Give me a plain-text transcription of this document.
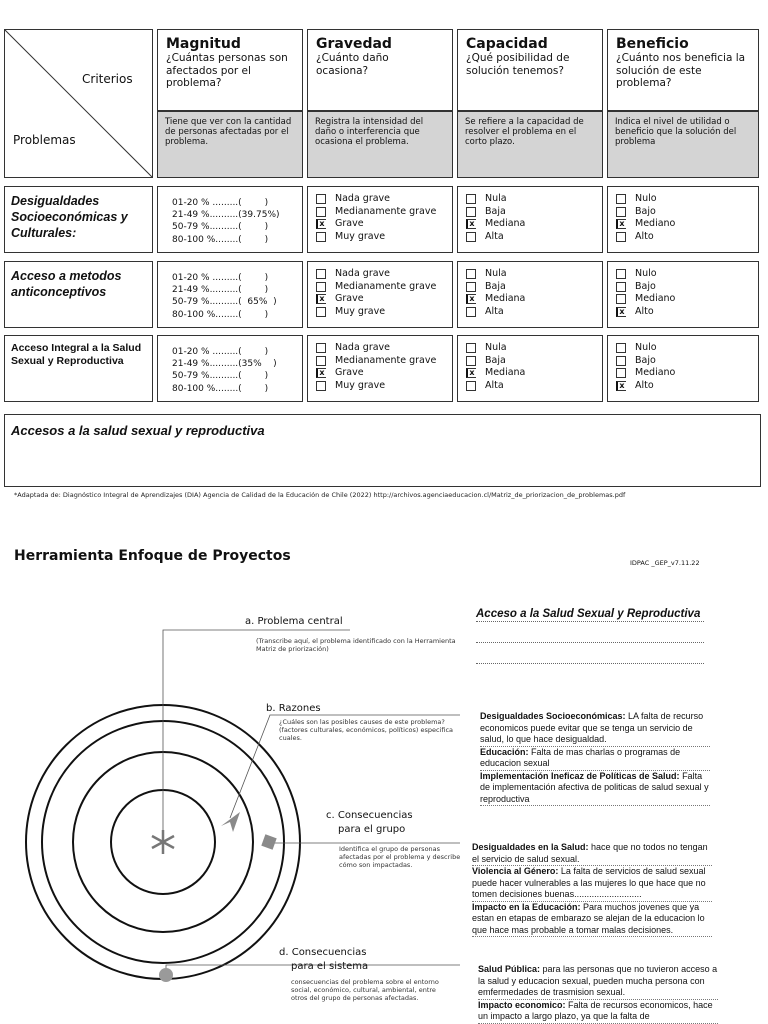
Criterios
Problemas
Magnitud
¿Cuántas personas son afectados por el problema?
Tiene que ver con la cantidad de personas afectadas por el problema.
Gravedad
¿Cuánto daño ocasiona?
Registra la intensidad del daño o interferencia que ocasiona el problema.
Capacidad
¿Qué posibilidad de solución tenemos?
Se refiere a la capacidad de resolver el problema en el corto plazo.
Beneficio
¿Cuánto nos beneficia la solución de este problema?
Indica el nivel de utilidad o beneficio que la solución del problema
Desigualdades Socioeconómicas y Culturales:
01-20 % .........(        )
21-49 %..........(39.75%)
50-79 %..........(        )
80-100 %........(        )
Nada grave
Medianamente grave
x Grave
Muy grave
Nula
Baja
x Mediana
Alta
Nulo
Bajo
x Mediano
Alto
Acceso a metodos anticonceptivos
01-20 % .........(        )
21-49 %..........(        )
50-79 %..........(  65%  )
80-100 %........(        )
Nada grave
Medianamente grave
x Grave
Muy grave
Nula
Baja
x Mediana
Alta
Nulo
Bajo
Mediano
x Alto
Acceso Integral a la Salud Sexual y Reproductiva
01-20 % .........(        )
21-49 %..........(35%    )
50-79 %..........(        )
80-100 %........(        )
Nada grave
Medianamente grave
x Grave
Muy grave
Nula
Baja
x Mediana
Alta
Nulo
Bajo
Mediano
x Alto
Accesos a la salud sexual y reproductiva
*Adaptada de: Diagnóstico Integral de Aprendizajes (DIA) Agencia de Calidad de la Educación de Chile (2022) http://archivos.agenciaeducacion.cl/Matriz_de_priorizacion_de_problemas.pdf
Herramienta Enfoque de Proyectos	IDPAC _GEP_v7.11.22
a. Problema central
(Transcribe aquí, el problema identificado con la Herramienta Matriz de priorización)
b. Razones
¿Cuáles son las posibles causes de este problema? (factores culturales, económicos, políticos) especifica cuales.
c. Consecuencias
para el grupo
Identifica el grupo de personas afectadas por el problema y describe cómo son impactadas.
d. Consecuencias
para el sistema
consecuencias del problema sobre el entorno social, económico, cultural, ambiental, entre otros del grupo de personas afectadas.
Acceso a la Salud Sexual y Reproductiva
Desigualdades Socioeconómicas: LA falta de recurso economicos puede evitar que se tenga un servicio de salud, lo que hace desigualdad.
Educación: Falta de mas charlas o programas de educacion sexual
Implementación Ineficaz de Políticas de Salud: Falta de implementación afectiva de politicas de salud sexual y reproductiva
Desigualdades en la Salud: hace que no todos no tengan el servicio de salud sexual.
Violencia al Género: La falta de servicios de salud sexual puede hacer vulnerables a las mujeres lo que hace que no tomen decisiones buenas...........................
Impacto en la Educación: Para muchos jovenes que ya estan en etapas de embarazo se alejan de la educacion lo que hace mas probable a tomar malas decisiones.
Salud Pública: para las personas que no tuvieron acceso a la salud y educacion sexual, pueden mucha persona con emfermedades de trasmision sexual.
Impacto economico: Falta de recursos economicos, hace un impacto a largo plazo, ya que la falta de
